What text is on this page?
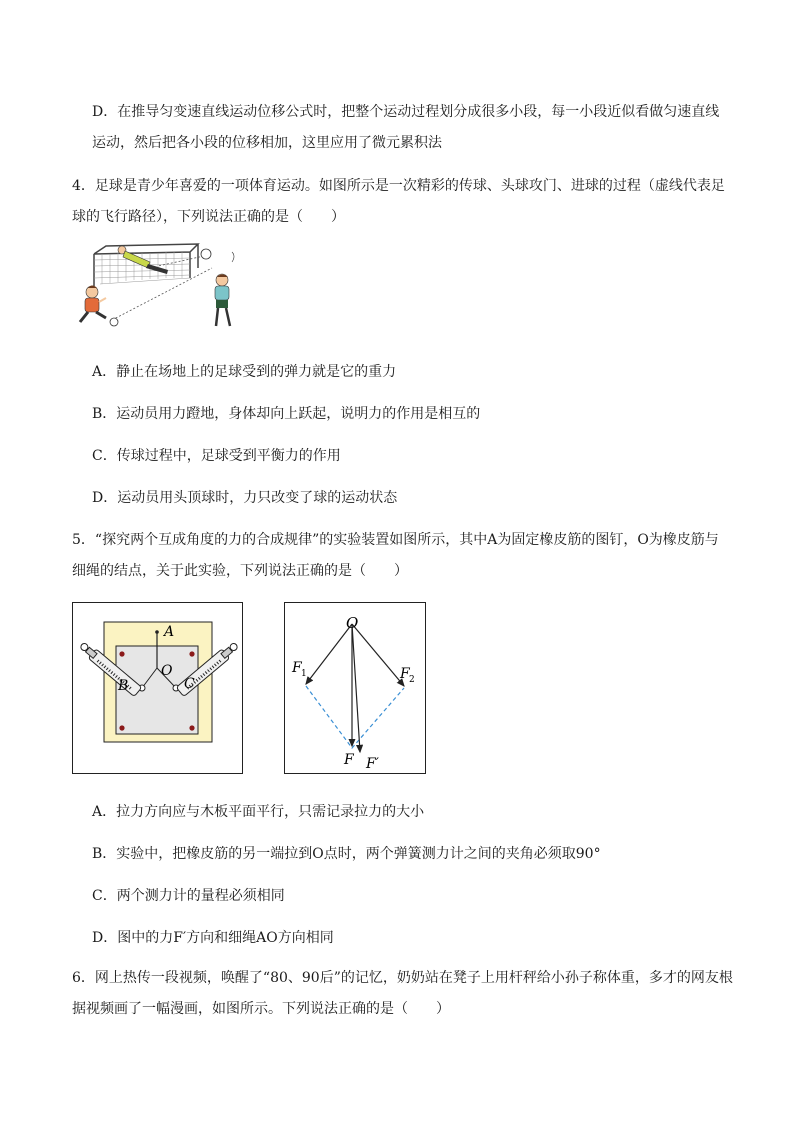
D．在推导匀变速直线运动位移公式时，把整个运动过程划分成很多小段，每一小段近似看做匀速直线
运动，然后把各小段的位移相加，这里应用了微元累积法
4．足球是青少年喜爱的一项体育运动。如图所示是一次精彩的传球、头球攻门、进球的过程（虚线代表足
球的飞行路径），下列说法正确的是（　　）
A．静止在场地上的足球受到的弹力就是它的重力
B．运动员用力蹬地，身体却向上跃起，说明力的作用是相互的
C．传球过程中，足球受到平衡力的作用
D．运动员用头顶球时，力只改变了球的运动状态
5．“探究两个互成角度的力的合成规律”的实验装置如图所示，其中A为固定橡皮筋的图钉，O为橡皮筋与
细绳的结点，关于此实验，下列说法正确的是（　　）
A
O
B	C
O
F 1	F 2
F F′
A．拉力方向应与木板平面平行，只需记录拉力的大小
B．实验中，把橡皮筋的另一端拉到O点时，两个弹簧测力计之间的夹角必须取90°
C．两个测力计的量程必须相同
D．图中的力F′方向和细绳AO方向相同
6．网上热传一段视频，唤醒了“80、90后”的记忆，奶奶站在凳子上用杆秤给小孙子称体重，多才的网友根
据视频画了一幅漫画，如图所示。下列说法正确的是（　　）
